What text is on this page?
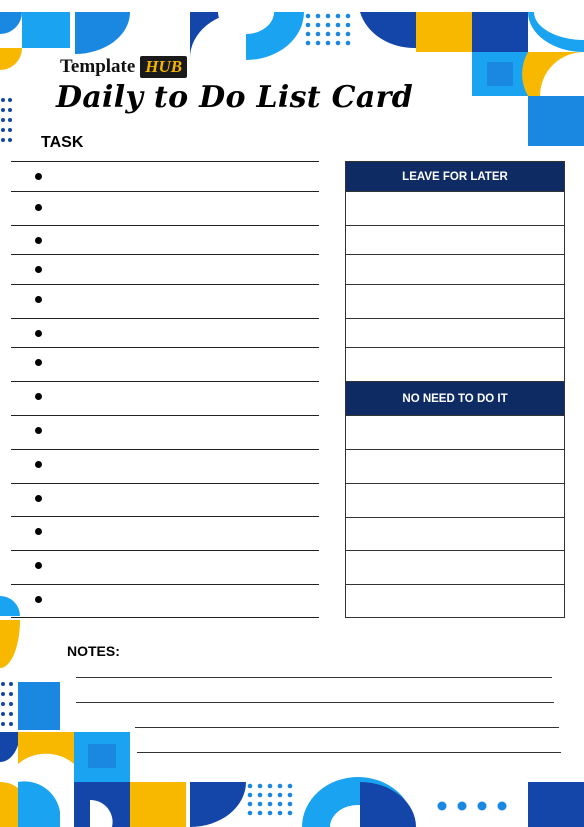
Template HUB
Daily to Do List Card
TASK
LEAVE FOR LATER

NO NEED TO DO IT

NOTES:
